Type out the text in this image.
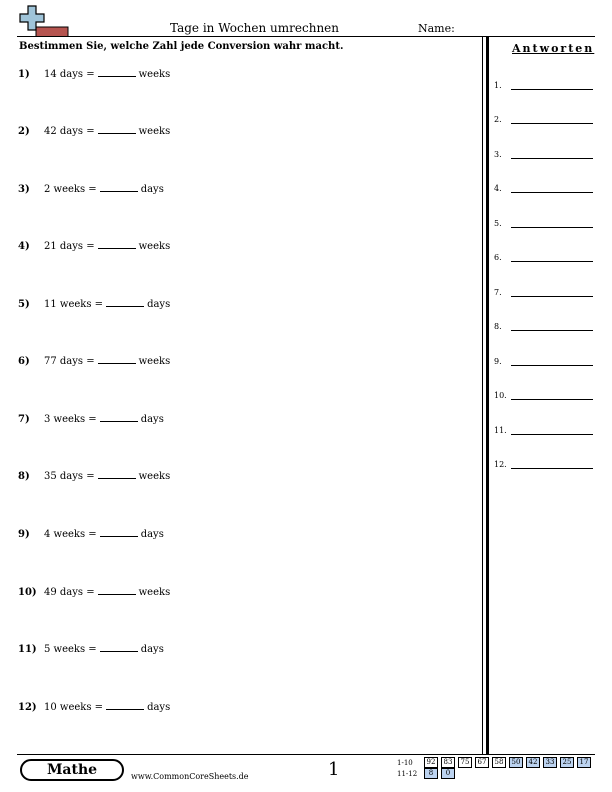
Tage in Wochen umrechnen	Name:
Bestimmen Sie, welche Zahl jede Conversion wahr macht.	Antworten
1) 14 days =	weeks
2) 42 days =	weeks
3) 2 weeks =	days
4) 21 days =	weeks
5) 11 weeks =	days
6) 77 days =	weeks
7) 3 weeks =	days
8) 35 days =	weeks
9) 4 weeks =	days
10) 49 days =	weeks
11) 5 weeks =	days
12) 10 weeks =	days
1.
2.
3.
4.
5.
6.
7.
8.
9.
10.
11.
12.
Mathe	www.CommonCoreSheets.de	1	1-10
11-12
92	83	75	67	58	50	42	33	25	17
8	0
